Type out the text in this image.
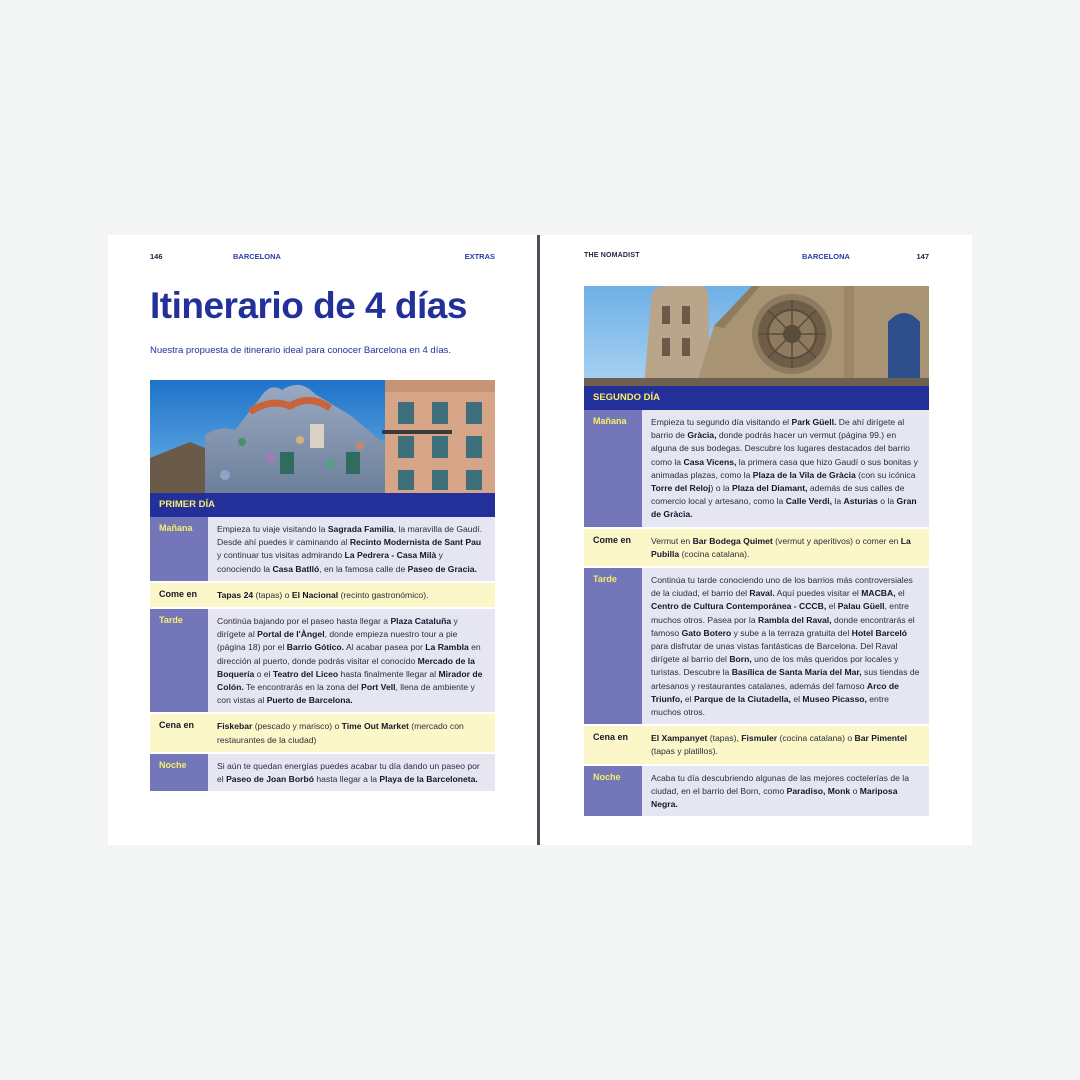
146	BARCELONA	EXTRAS
Itinerario de 4 días

Nuestra propuesta de itinerario ideal para conocer Barcelona en 4 días.

PRIMER DÍA
Mañana	Empieza tu viaje visitando la Sagrada Familia, la maravilla de Gaudí. Desde ahí puedes ir caminando al Recinto Modernista de Sant Pau y continuar tus visitas admirando La Pedrera - Casa Milà y conociendo la Casa Batlló, en la famosa calle de Paseo de Gracia.
Come en	Tapas 24 (tapas) o El Nacional (recinto gastronómico).
Tarde	Continúa bajando por el paseo hasta llegar a Plaza Cataluña y dirígete al Portal de l'Àngel, donde empieza nuestro tour a pie (página 18) por el Barrio Gótico. Al acabar pasea por La Rambla en dirección al puerto, donde podrás visitar el conocido Mercado de la Boquería o el Teatro del Liceo hasta finalmente llegar al Mirador de Colón. Te encontrarás en la zona del Port Vell, llena de ambiente y con vistas al Puerto de Barcelona.
Cena en	Fiskebar (pescado y marisco) o Time Out Market (mercado con restaurantes de la ciudad)
Noche	Si aún te quedan energías puedes acabar tu día dando un paseo por el Paseo de Joan Borbó hasta llegar a la Playa de la Barceloneta.
THE NOMADIST	BARCELONA	147
SEGUNDO DÍA
Mañana	Empieza tu segundo día visitando el Park Güell. De ahí dirígete al barrio de Gràcia, donde podrás hacer un vermut (página 99.) en alguna de sus bodegas. Descubre los lugares destacados del barrio como la Casa Vicens, la primera casa que hizo Gaudí o sus bonitas y animadas plazas, como la Plaza de la Vila de Gràcia (con su icónica Torre del Reloj) o la Plaza del Diamant, además de sus calles de comercio local y artesano, como la Calle Verdi, la Asturias o la Gran de Gràcia.
Come en	Vermut en Bar Bodega Quimet (vermut y aperitivos) o comer en La Pubilla (cocina catalana).
Tarde	Continúa tu tarde conociendo uno de los barrios más controversiales de la ciudad, el barrio del Raval. Aquí puedes visitar el MACBA, el Centro de Cultura Contemporánea - CCCB, el Palau Güell, entre muchos otros. Pasea por la Rambla del Raval, donde encontrarás el famoso Gato Botero y sube a la terraza gratuita del Hotel Barceló para disfrutar de unas vistas fantásticas de Barcelona. Del Raval dirígete al barrio del Born, uno de los más queridos por locales y turistas. Descubre la Basílica de Santa Maria del Mar, sus tiendas de artesanos y restaurantes catalanes, además del famoso Arco de Triunfo, el Parque de la Ciutadella, el Museo Picasso, entre muchos otros.
Cena en	El Xampanyet (tapas), Fismuler (cocina catalana) o Bar Pimentel (tapas y platillos).
Noche	Acaba tu día descubriendo algunas de las mejores coctelerías de la ciudad, en el barrio del Born, como Paradiso, Monk o Mariposa Negra.
